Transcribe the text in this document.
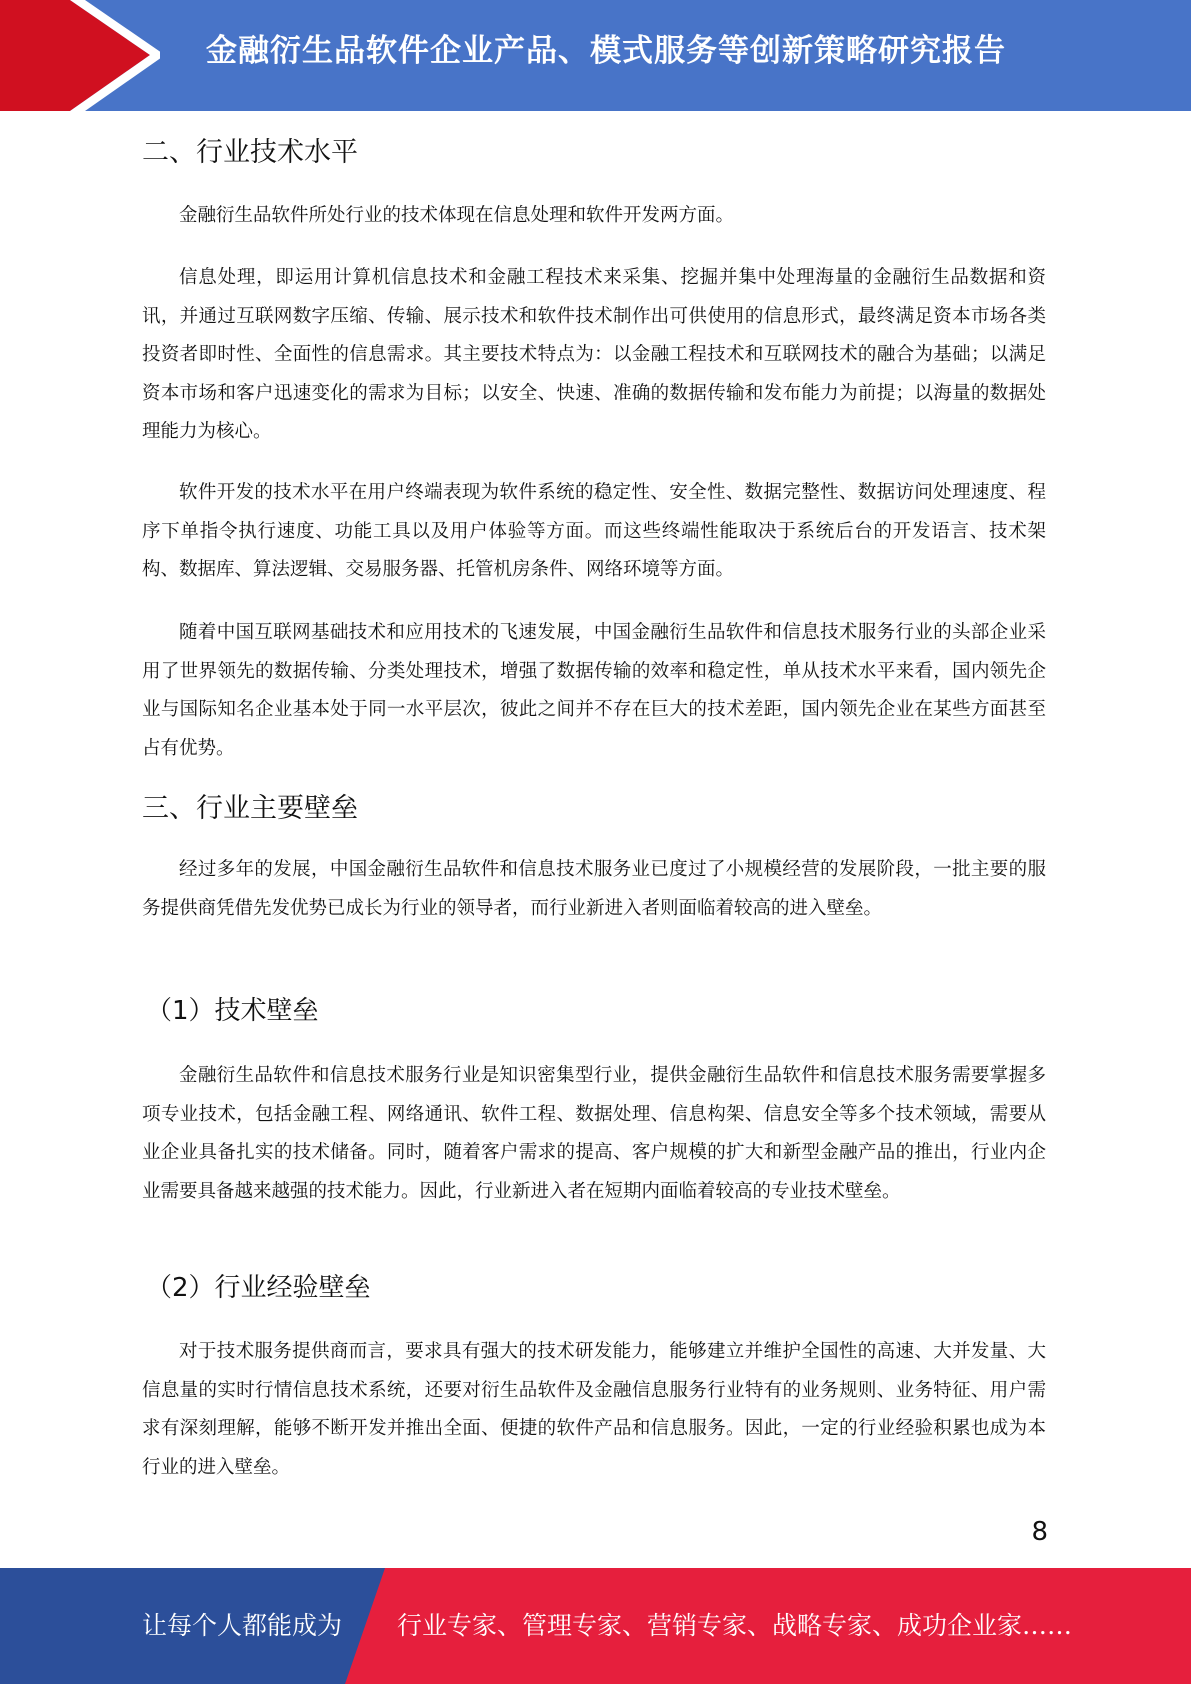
金融衍生品软件企业产品、模式服务等创新策略研究报告
二、行业技术水平

金融衍生品软件所处行业的技术体现在信息处理和软件开发两方面。

信息处理，即运用计算机信息技术和金融工程技术来采集、挖掘并集中处理海量的金融衍生品数据和资讯，并通过互联网数字压缩、传输、展示技术和软件技术制作出可供使用的信息形式，最终满足资本市场各类投资者即时性、全面性的信息需求。其主要技术特点为：以金融工程技术和互联网技术的融合为基础；以满足资本市场和客户迅速变化的需求为目标；以安全、快速、准确的数据传输和发布能力为前提；以海量的数据处理能力为核心。

软件开发的技术水平在用户终端表现为软件系统的稳定性、安全性、数据完整性、数据访问处理速度、程序下单指令执行速度、功能工具以及用户体验等方面。而这些终端性能取决于系统后台的开发语言、技术架构、数据库、算法逻辑、交易服务器、托管机房条件、网络环境等方面。

随着中国互联网基础技术和应用技术的飞速发展，中国金融衍生品软件和信息技术服务行业的头部企业采用了世界领先的数据传输、分类处理技术，增强了数据传输的效率和稳定性，单从技术水平来看，国内领先企业与国际知名企业基本处于同一水平层次，彼此之间并不存在巨大的技术差距，国内领先企业在某些方面甚至占有优势。

三、行业主要壁垒

经过多年的发展，中国金融衍生品软件和信息技术服务业已度过了小规模经营的发展阶段，一批主要的服务提供商凭借先发优势已成长为行业的领导者，而行业新进入者则面临着较高的进入壁垒。

（1）技术壁垒

金融衍生品软件和信息技术服务行业是知识密集型行业，提供金融衍生品软件和信息技术服务需要掌握多项专业技术，包括金融工程、网络通讯、软件工程、数据处理、信息构架、信息安全等多个技术领域，需要从业企业具备扎实的技术储备。同时，随着客户需求的提高、客户规模的扩大和新型金融产品的推出，行业内企业需要具备越来越强的技术能力。因此，行业新进入者在短期内面临着较高的专业技术壁垒。

（2）行业经验壁垒

对于技术服务提供商而言，要求具有强大的技术研发能力，能够建立并维护全国性的高速、大并发量、大信息量的实时行情信息技术系统，还要对衍生品软件及金融信息服务行业特有的业务规则、业务特征、用户需求有深刻理解，能够不断开发并推出全面、便捷的软件产品和信息服务。因此，一定的行业经验积累也成为本行业的进入壁垒。

8
让每个人都能成为 行业专家、管理专家、营销专家、战略专家、成功企业家……
